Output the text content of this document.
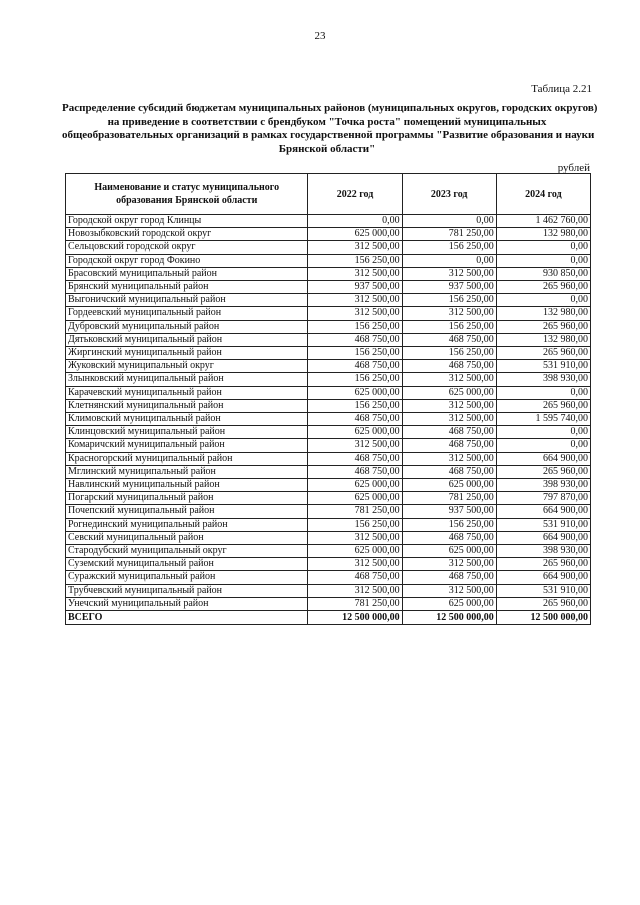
23
Таблица 2.21
Распределение субсидий бюджетам муниципальных районов (муниципальных округов, городских округов)
на приведение в соответствии с брендбуком "Точка роста" помещений муниципальных
общеобразовательных организаций в рамках государственной программы "Развитие образования и науки
Брянской области"
рублей
Наименование и статус муниципального образования Брянской области	2022 год	2023 год	2024 год
Городской округ город Клинцы	0,00	0,00	1 462 760,00
Новозыбковский городской округ	625 000,00	781 250,00	132 980,00
Сельцовский городской округ	312 500,00	156 250,00	0,00
Городской округ город Фокино	156 250,00	0,00	0,00
Брасовский муниципальный район	312 500,00	312 500,00	930 850,00
Брянский муниципальный район	937 500,00	937 500,00	265 960,00
Выгоничский муниципальный район	312 500,00	156 250,00	0,00
Гордеевский муниципальный район	312 500,00	312 500,00	132 980,00
Дубровский муниципальный район	156 250,00	156 250,00	265 960,00
Дятьковский муниципальный район	468 750,00	468 750,00	132 980,00
Жиргинский муниципальный район	156 250,00	156 250,00	265 960,00
Жуковский муниципальный округ	468 750,00	468 750,00	531 910,00
Злынковский муниципальный район	156 250,00	312 500,00	398 930,00
Карачевский муниципальный район	625 000,00	625 000,00	0,00
Клетнянский муниципальный район	156 250,00	312 500,00	265 960,00
Климовский муниципальный район	468 750,00	312 500,00	1 595 740,00
Клинцовский муниципальный район	625 000,00	468 750,00	0,00
Комаричский муниципальный район	312 500,00	468 750,00	0,00
Красногорский муниципальный район	468 750,00	312 500,00	664 900,00
Мглинский муниципальный район	468 750,00	468 750,00	265 960,00
Навлинский муниципальный район	625 000,00	625 000,00	398 930,00
Погарский муниципальный район	625 000,00	781 250,00	797 870,00
Почепский муниципальный район	781 250,00	937 500,00	664 900,00
Рогнединский муниципальный район	156 250,00	156 250,00	531 910,00
Севский муниципальный район	312 500,00	468 750,00	664 900,00
Стародубский муниципальный округ	625 000,00	625 000,00	398 930,00
Суземский муниципальный район	312 500,00	312 500,00	265 960,00
Суражский муниципальный район	468 750,00	468 750,00	664 900,00
Трубчевский муниципальный район	312 500,00	312 500,00	531 910,00
Унечский муниципальный район	781 250,00	625 000,00	265 960,00
ВСЕГО	12 500 000,00	12 500 000,00	12 500 000,00
